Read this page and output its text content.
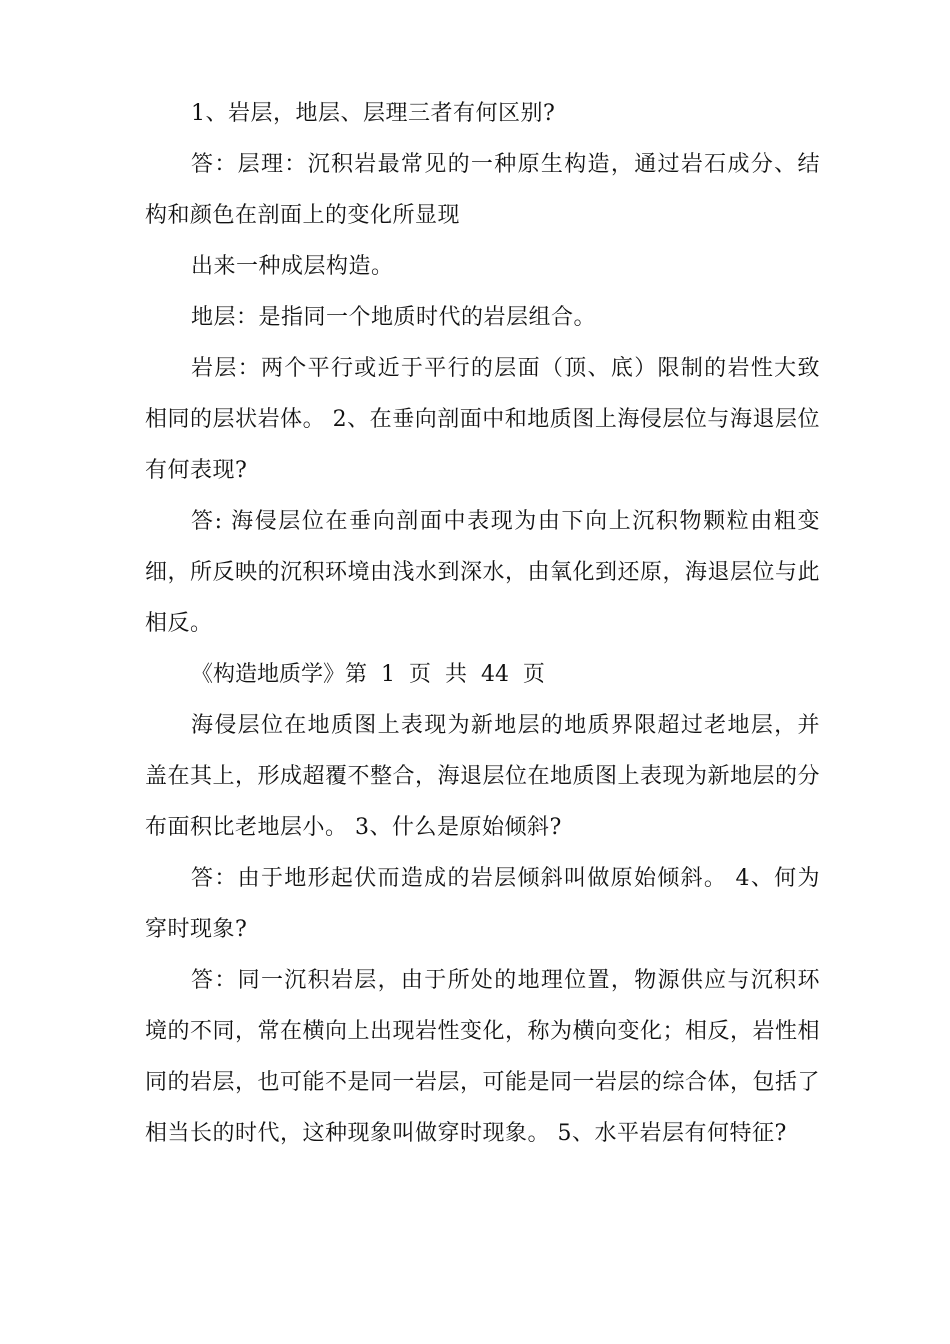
1、岩层，地层、层理三者有何区别?

答：层理：沉积岩最常见的一种原生构造，通过岩石成分、结构和颜色在剖面上的变化所显现

出来一种成层构造。

地层：是指同一个地质时代的岩层组合。

岩层：两个平行或近于平行的层面（顶、底）限制的岩性大致相同的层状岩体。 2、在垂向剖面中和地质图上海侵层位与海退层位有何表现?

答: 海侵层位在垂向剖面中表现为由下向上沉积物颗粒由粗变细，所反映的沉积环境由浅水到深水，由氧化到还原，海退层位与此相反。

《构造地质学》第  1  页  共  44  页

海侵层位在地质图上表现为新地层的地质界限超过老地层，并盖在其上，形成超覆不整合，海退层位在地质图上表现为新地层的分布面积比老地层小。 3、什么是原始倾斜?

答：由于地形起伏而造成的岩层倾斜叫做原始倾斜。 4、何为穿时现象?

答：同一沉积岩层，由于所处的地理位置，物源供应与沉积环境的不同，常在横向上出现岩性变化，称为横向变化；相反，岩性相同的岩层，也可能不是同一岩层，可能是同一岩层的综合体，包括了相当长的时代，这种现象叫做穿时现象。 5、水平岩层有何特征?
